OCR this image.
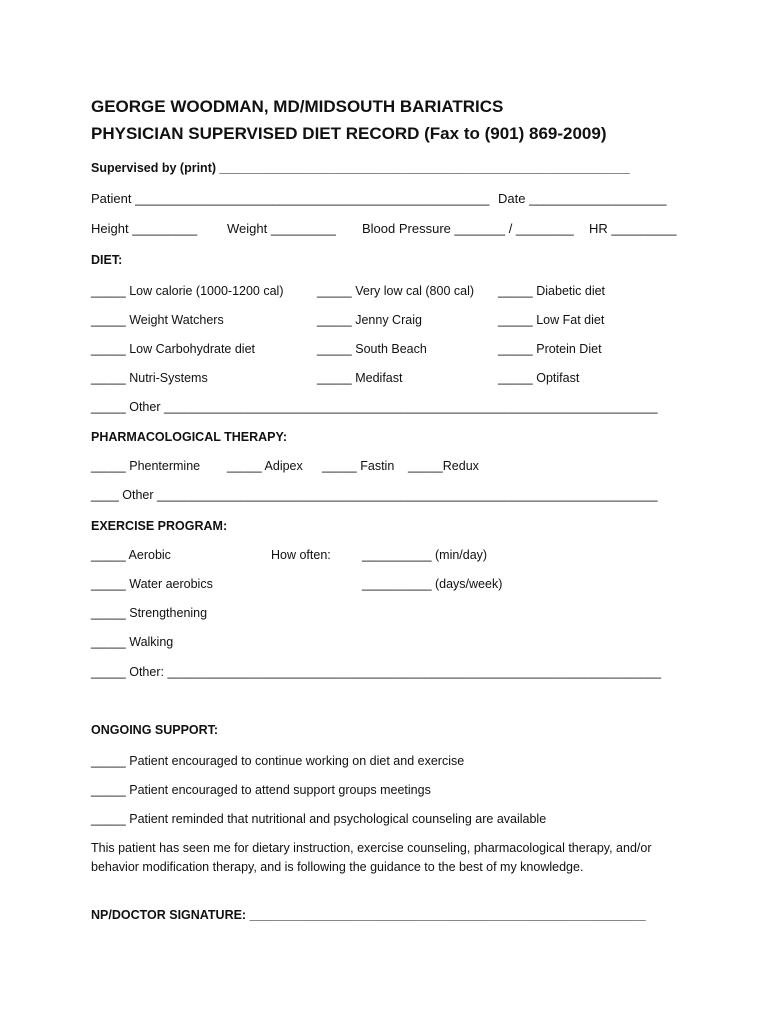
GEORGE WOODMAN, MD/MIDSOUTH BARIATRICS
PHYSICIAN SUPERVISED DIET RECORD (Fax to (901) 869-2009)
Supervised by (print) ___________________________________________________________
Patient _________________________________________________ Date ___________________
Height _________ Weight _________ Blood Pressure _______ / ________ HR _________
DIET:
_____ Low calorie (1000-1200 cal)	_____ Very low cal (800 cal) _____ Diabetic diet
_____ Weight Watchers	_____ Jenny Craig	_____ Low Fat diet
_____ Low Carbohydrate diet	_____ South Beach	_____ Protein Diet
_____ Nutri-Systems	_____ Medifast	_____ Optifast
_____ Other _______________________________________________________________________
PHARMACOLOGICAL THERAPY:
_____ Phentermine _____ Adipex _____ Fastin _____Redux
____ Other ________________________________________________________________________
EXERCISE PROGRAM:
_____ Aerobic	How often: __________ (min/day)
_____ Water aerobics	__________ (days/week)
_____ Strengthening
_____ Walking
_____ Other: _______________________________________________________________________
ONGOING SUPPORT:
_____ Patient encouraged to continue working on diet and exercise
_____ Patient encouraged to attend support groups meetings
_____ Patient reminded that nutritional and psychological counseling are available
This patient has seen me for dietary instruction, exercise counseling, pharmacological therapy, and/or
behavior modification therapy, and is following the guidance to the best of my knowledge.
NP/DOCTOR SIGNATURE: _________________________________________________________
